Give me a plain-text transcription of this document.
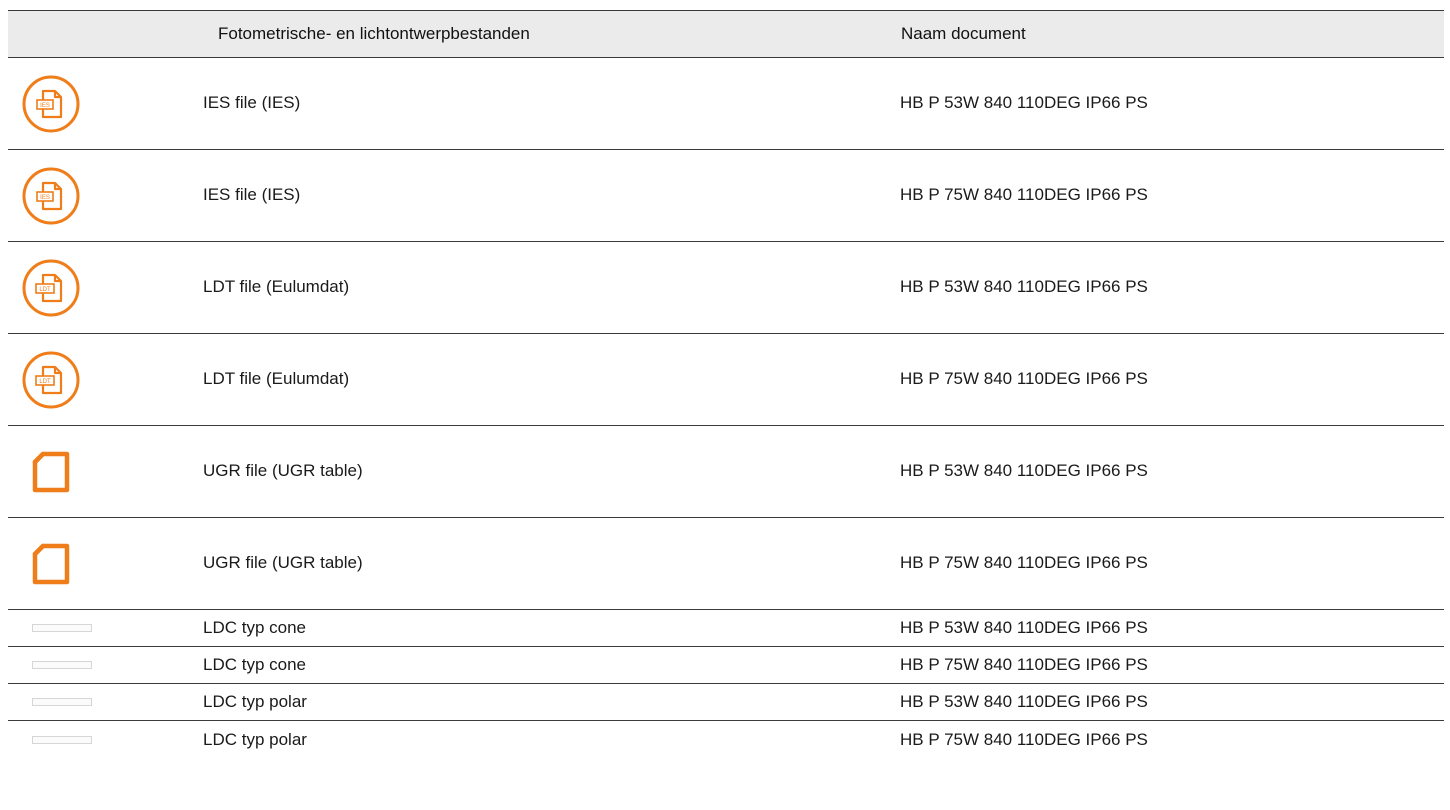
Fotometrische- en lichtontwerpbestanden	Naam document
IES	IES file (IES)	HB P 53W 840 110DEG IP66 PS
IES	IES file (IES)	HB P 75W 840 110DEG IP66 PS
LDT	LDT file (Eulumdat)	HB P 53W 840 110DEG IP66 PS
LDT	LDT file (Eulumdat)	HB P 75W 840 110DEG IP66 PS
UGR file (UGR table)	HB P 53W 840 110DEG IP66 PS
UGR file (UGR table)	HB P 75W 840 110DEG IP66 PS
LDC typ cone	HB P 53W 840 110DEG IP66 PS
LDC typ cone	HB P 75W 840 110DEG IP66 PS
LDC typ polar	HB P 53W 840 110DEG IP66 PS
LDC typ polar	HB P 75W 840 110DEG IP66 PS
